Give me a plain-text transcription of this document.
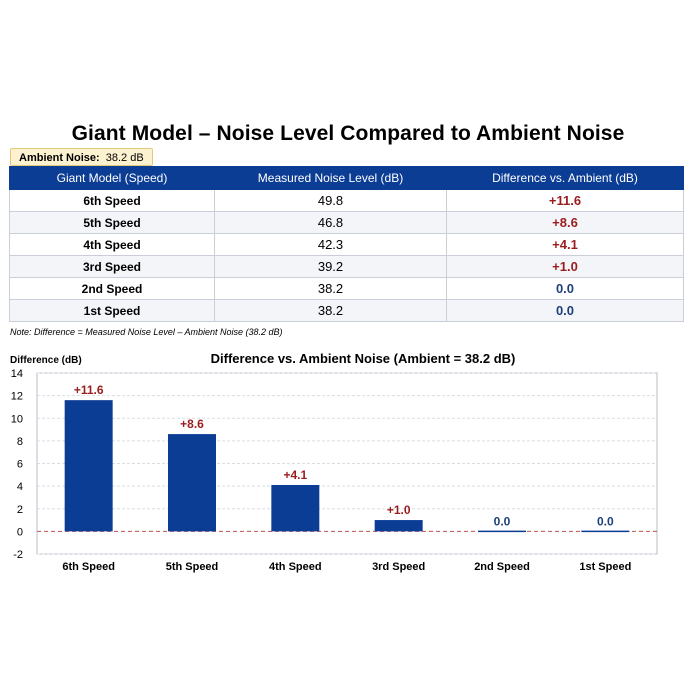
Giant Model – Noise Level Compared to Ambient Noise
Ambient Noise: 38.2 dB
Giant Model (Speed)	Measured Noise Level (dB)	Difference vs. Ambient (dB)
6th Speed	49.8	+11.6
5th Speed	46.8	+8.6
4th Speed	42.3	+4.1
3rd Speed	39.2	+1.0
2nd Speed	38.2	0.0
1st Speed	38.2	0.0
Note: Difference = Measured Noise Level – Ambient Noise (38.2 dB)
Difference vs. Ambient Noise (Ambient = 38.2 dB)
Difference (dB)
-2
0
2
4
6
8
10
12
14
+11.6
6th Speed
+8.6
5th Speed
+4.1
4th Speed
+1.0
3rd Speed
0.0
2nd Speed
0.0
1st Speed
